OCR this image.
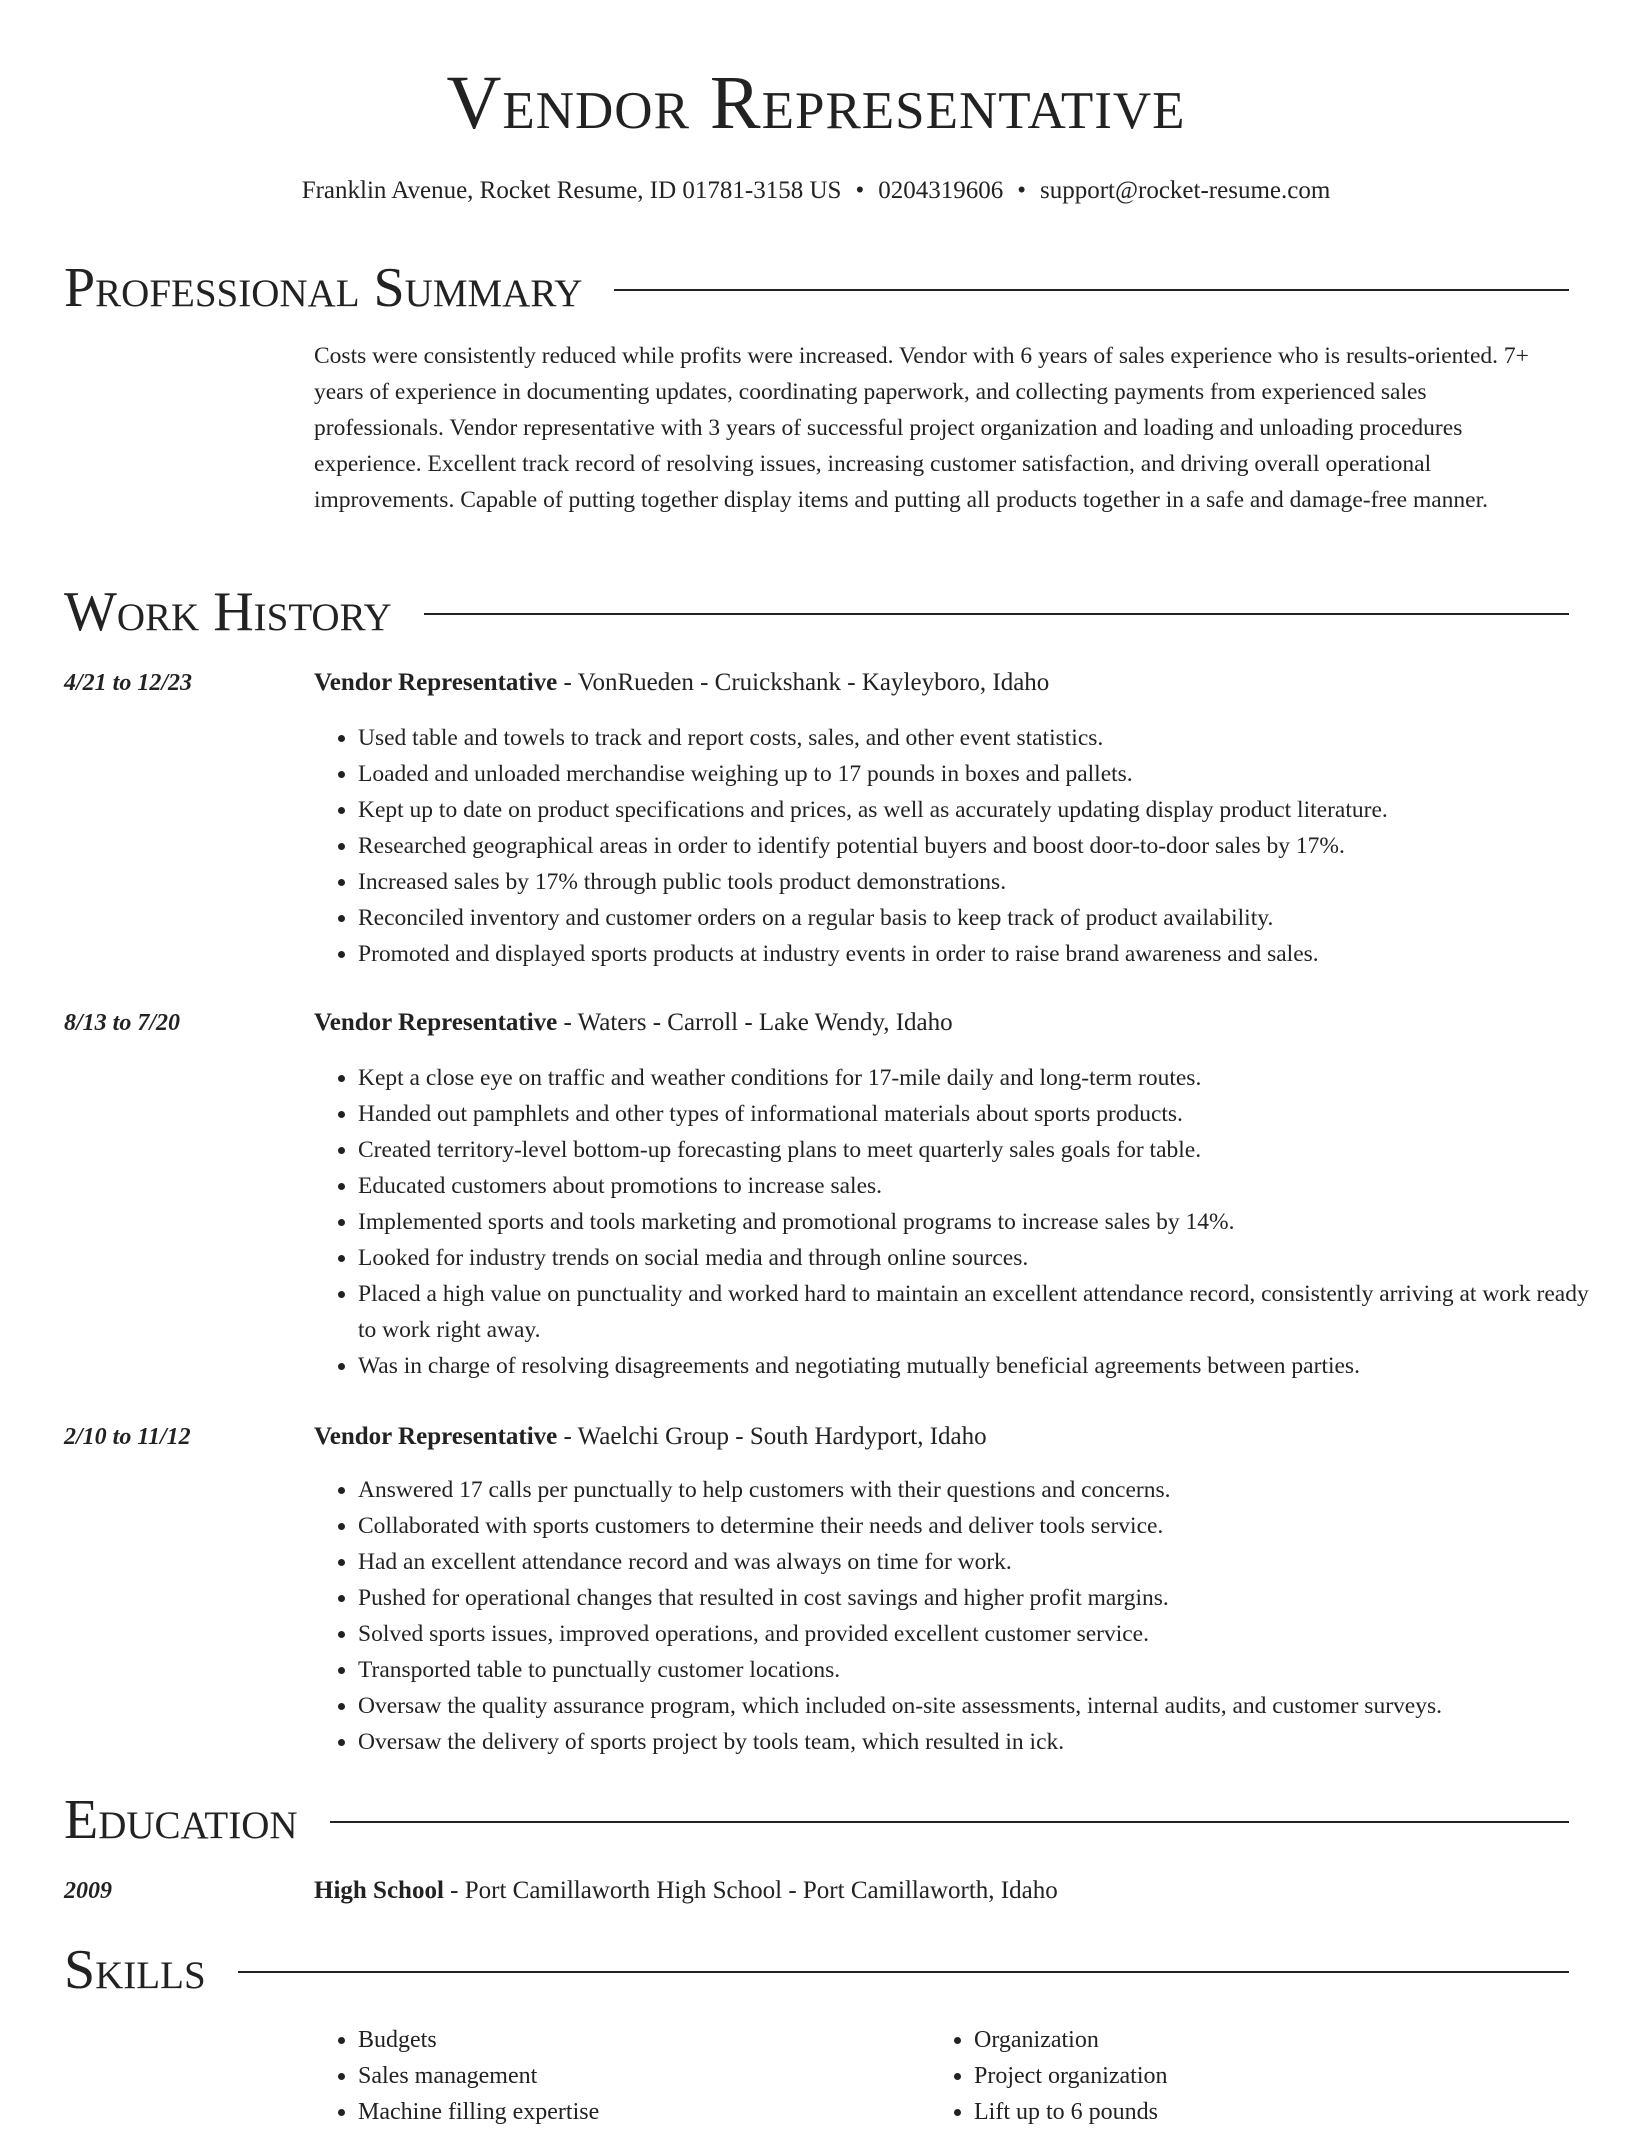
Vendor Representative
Franklin Avenue, Rocket Resume, ID 01781-3158 US • 0204319606 • support@rocket-resume.com
Professional Summary

Costs were consistently reduced while profits were increased. Vendor with 6 years of sales experience who is results-oriented. 7+ years of experience in documenting updates, coordinating paperwork, and collecting payments from experienced sales professionals. Vendor representative with 3 years of successful project organization and loading and unloading procedures experience. Excellent track record of resolving issues, increasing customer satisfaction, and driving overall operational improvements. Capable of putting together display items and putting all products together in a safe and damage-free manner.

Work History
4/21 to 12/23	Vendor Representative - VonRueden - Cruickshank - Kayleyboro, Idaho
• Used table and towels to track and report costs, sales, and other event statistics.
• Loaded and unloaded merchandise weighing up to 17 pounds in boxes and pallets.
• Kept up to date on product specifications and prices, as well as accurately updating display product literature.
• Researched geographical areas in order to identify potential buyers and boost door-to-door sales by 17%.
• Increased sales by 17% through public tools product demonstrations.
• Reconciled inventory and customer orders on a regular basis to keep track of product availability.
• Promoted and displayed sports products at industry events in order to raise brand awareness and sales.
8/13 to 7/20	Vendor Representative - Waters - Carroll - Lake Wendy, Idaho
• Kept a close eye on traffic and weather conditions for 17-mile daily and long-term routes.
• Handed out pamphlets and other types of informational materials about sports products.
• Created territory-level bottom-up forecasting plans to meet quarterly sales goals for table.
• Educated customers about promotions to increase sales.
• Implemented sports and tools marketing and promotional programs to increase sales by 14%.
• Looked for industry trends on social media and through online sources.
• Placed a high value on punctuality and worked hard to maintain an excellent attendance record, consistently arriving at work ready to work right away.
• Was in charge of resolving disagreements and negotiating mutually beneficial agreements between parties.
2/10 to 11/12	Vendor Representative - Waelchi Group - South Hardyport, Idaho
• Answered 17 calls per punctually to help customers with their questions and concerns.
• Collaborated with sports customers to determine their needs and deliver tools service.
• Had an excellent attendance record and was always on time for work.
• Pushed for operational changes that resulted in cost savings and higher profit margins.
• Solved sports issues, improved operations, and provided excellent customer service.
• Transported table to punctually customer locations.
• Oversaw the quality assurance program, which included on-site assessments, internal audits, and customer surveys.
• Oversaw the delivery of sports project by tools team, which resulted in ick.
Education
2009	High School - Port Camillaworth High School - Port Camillaworth, Idaho
Skills
• Budgets
• Sales management
• Machine filling expertise
• Organization
• Project organization
• Lift up to 6 pounds
